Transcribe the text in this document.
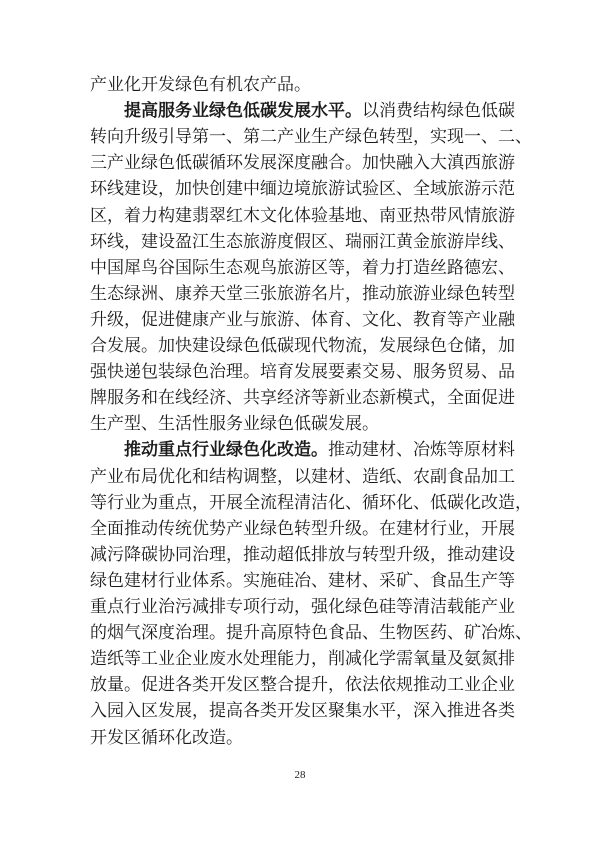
产业化开发绿色有机农产品。
提高服务业绿色低碳发展水平。以消费结构绿色低碳
转向升级引导第一、第二产业生产绿色转型，实现一、二、
三产业绿色低碳循环发展深度融合。加快融入大滇西旅游
环线建设，加快创建中缅边境旅游试验区、全域旅游示范
区，着力构建翡翠红木文化体验基地、南亚热带风情旅游
环线，建设盈江生态旅游度假区、瑞丽江黄金旅游岸线、
中国犀鸟谷国际生态观鸟旅游区等，着力打造丝路德宏、
生态绿洲、康养天堂三张旅游名片，推动旅游业绿色转型
升级，促进健康产业与旅游、体育、文化、教育等产业融
合发展。加快建设绿色低碳现代物流，发展绿色仓储，加
强快递包装绿色治理。培育发展要素交易、服务贸易、品
牌服务和在线经济、共享经济等新业态新模式，全面促进
生产型、生活性服务业绿色低碳发展。
推动重点行业绿色化改造。推动建材、冶炼等原材料
产业布局优化和结构调整，以建材、造纸、农副食品加工
等行业为重点，开展全流程清洁化、循环化、低碳化改造，
全面推动传统优势产业绿色转型升级。在建材行业，开展
减污降碳协同治理，推动超低排放与转型升级，推动建设
绿色建材行业体系。实施硅冶、建材、采矿、食品生产等
重点行业治污减排专项行动，强化绿色硅等清洁载能产业
的烟气深度治理。提升高原特色食品、生物医药、矿冶炼、
造纸等工业企业废水处理能力，削减化学需氧量及氨氮排
放量。促进各类开发区整合提升，依法依规推动工业企业
入园入区发展，提高各类开发区聚集水平，深入推进各类
开发区循环化改造。
28
